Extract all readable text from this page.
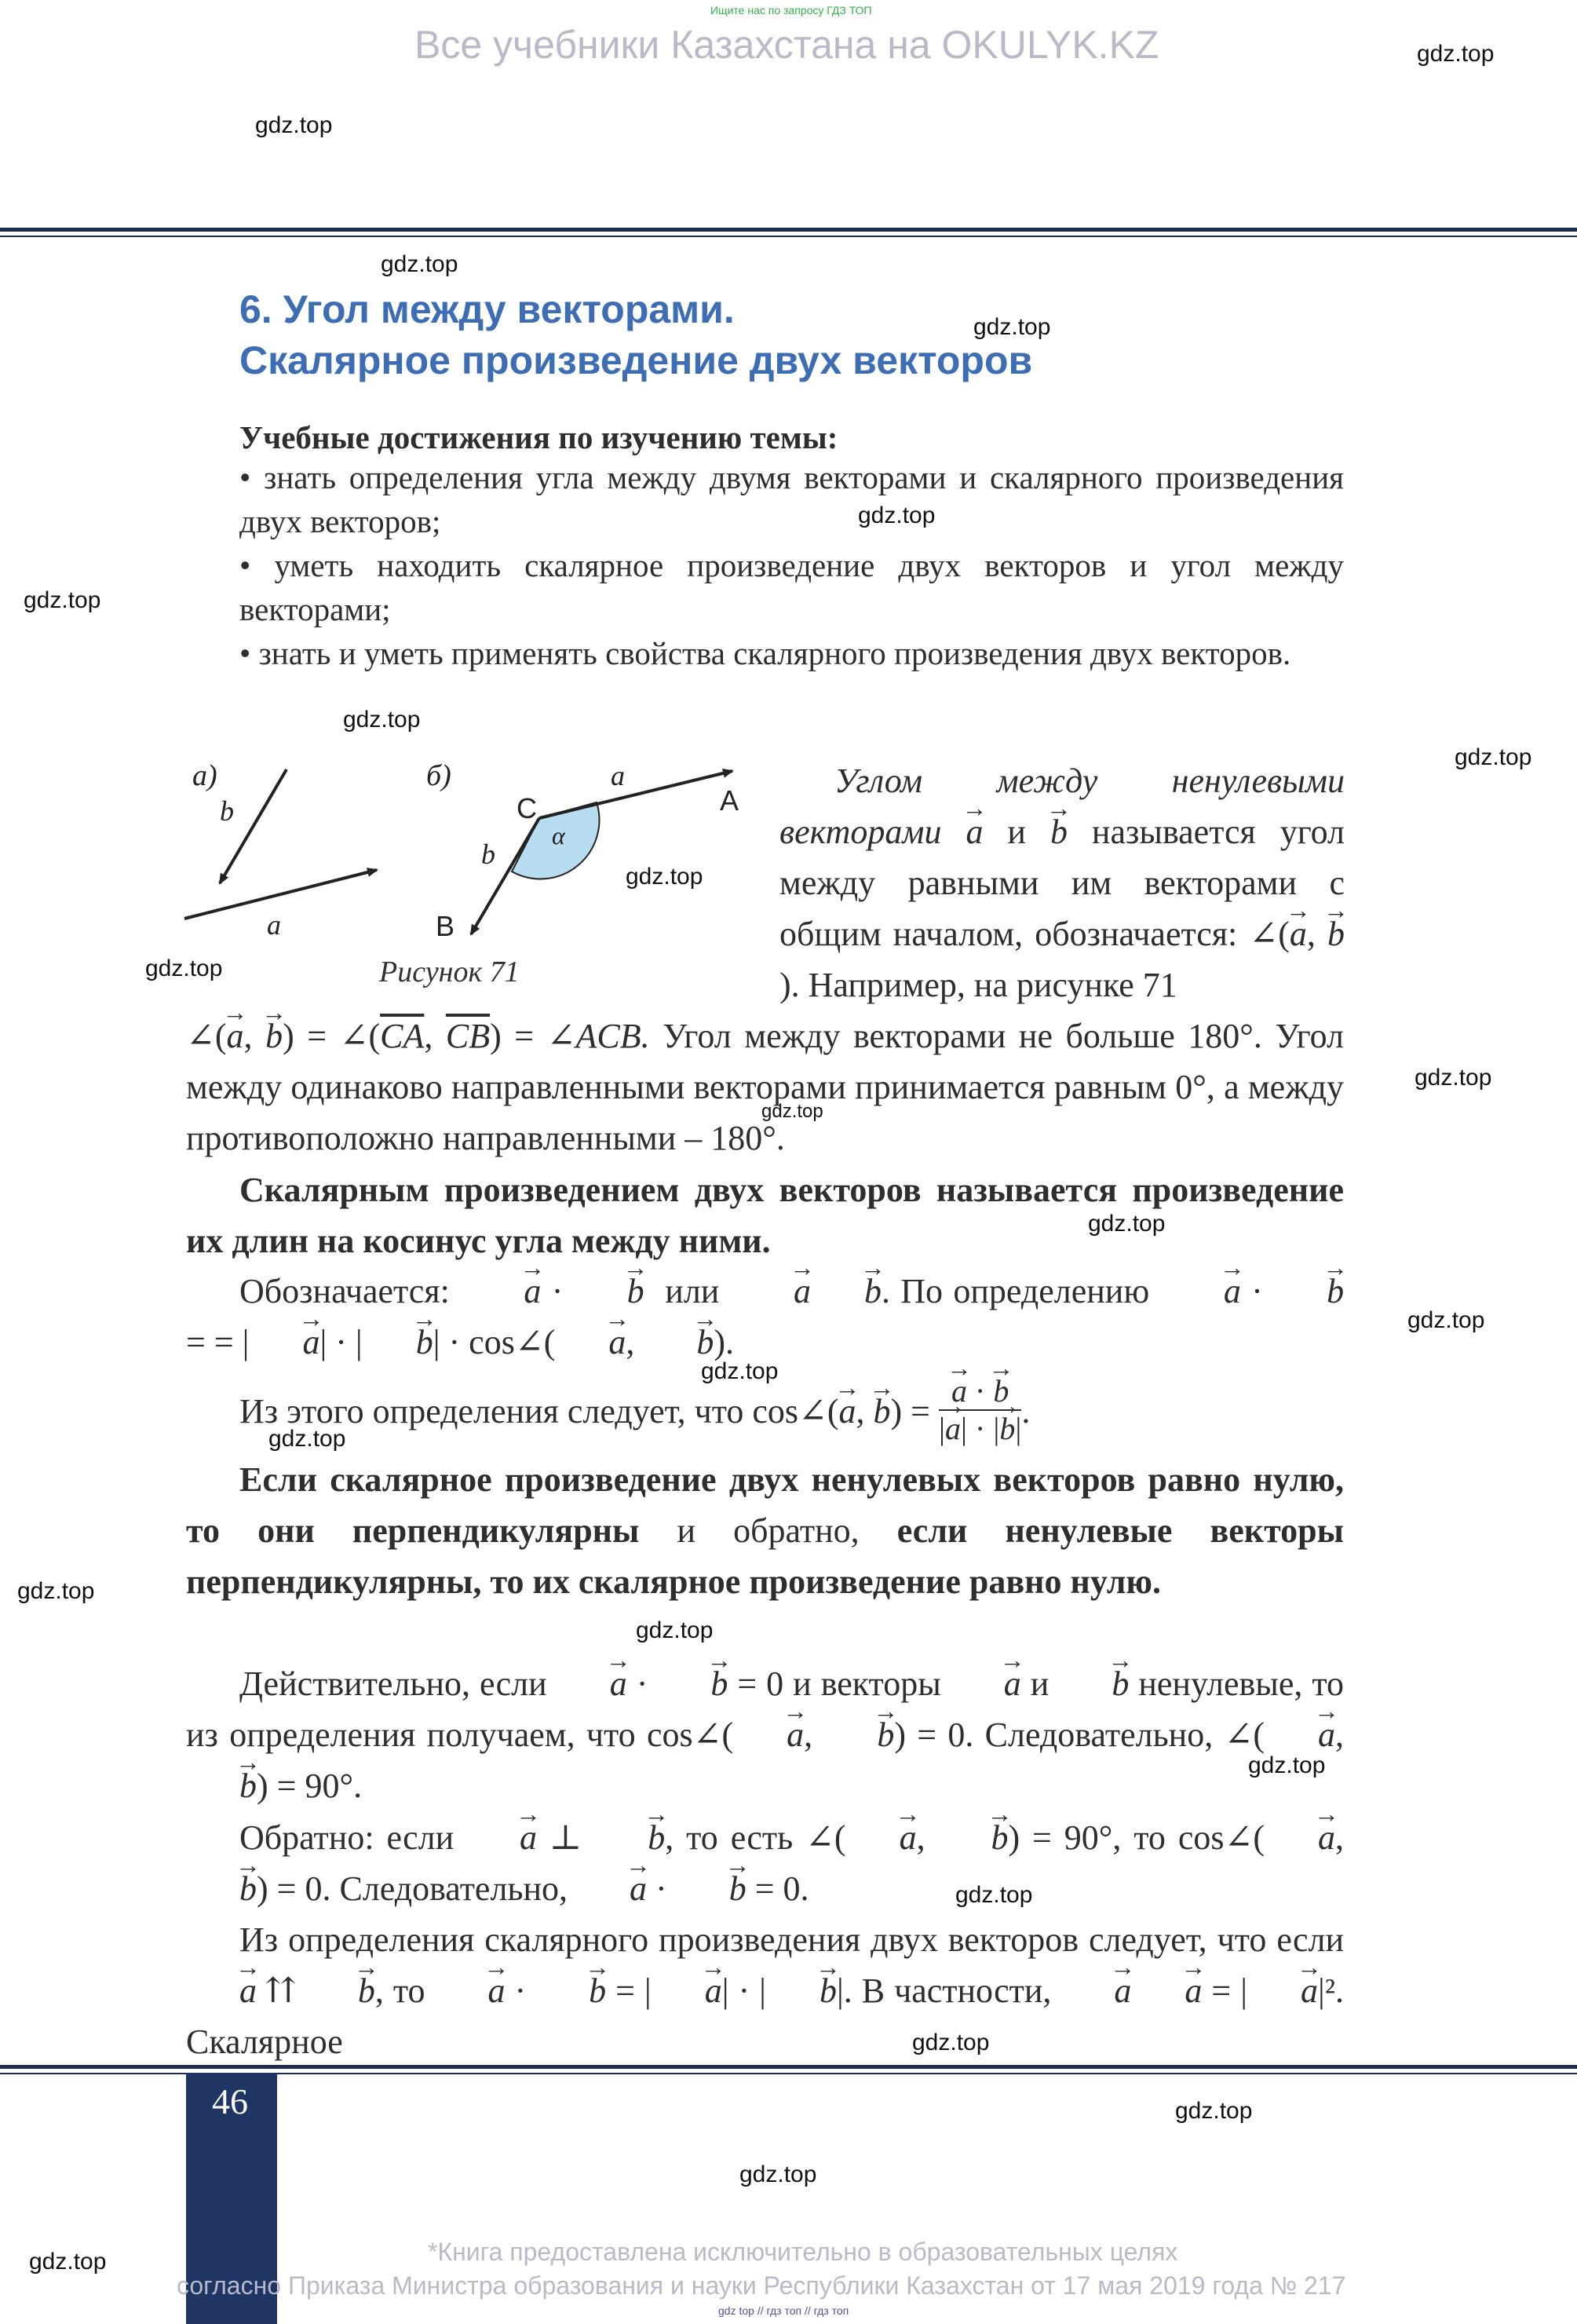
Ищите нас по запросу ГДЗ ТОП
Все учебники Казахстана на OKULYK.KZ	gdz.top
gdz.top
gdz.top
gdz.top
gdz.top
gdz.top
gdz.top
gdz.top
gdz.top
gdz.top
gdz.top
gdz.top
gdz.top
gdz.top
gdz.top
gdz.top
gdz.top
gdz.top
gdz.top
gdz.top
gdz.top
gdz.top
gdz.top
gdz.top
6. Угол между векторами.
Скалярное произведение двух векторов
Учебные достижения по изучению темы:
• знать определения угла между двумя векторами и скалярного произведения двух векторов;
• уметь находить скалярное произведение двух векторов и угол между векторами;
• знать и уметь применять свойства скалярного произведения двух векторов.
а)
b
a
б)
α
C	A
B
a
b
Рисунок 71
Углом между ненулевыми векторами → a и → b называется угол между равными им векторами с общим началом, обозначается: ∠(→ a, → b). Например, на рисунке 71
∠(→ a, → $b) = \angle(\overline{CA}$, $\overline{CB}$) = ∠ACB. Угол между векторами не больше 180°. Угол между одинаково направленными векторами принимается равным 0°, а между противоположно направленными – 180°.
Скалярным произведением двух векторов называется произведение их длин на косинус угла между ними.
Обозначается: → a · → b или → a → b. По определению → a · → b = = | → a| · | → b| · cos∠( → a, → b).
Из этого определения следует, что cos∠(→ a, → b) = → $\frac{a \cdot \to b}{|\to a| \cdot |\to b|}$ .
Если скалярное произведение двух ненулевых векторов равно нулю, то они перпендикулярны и обратно, если ненулевые векторы перпендикулярны, то их скалярное произведение равно нулю.
Действительно, если → a · → b = 0 и векторы → a и → b ненулевые, то из определения получаем, что cos∠( → a, → b) = 0. Следовательно, ∠( → a, → b) = 90°.
Обратно: если → a ⊥ → b, то есть ∠( → a, → b) = 90°, то cos∠( → a, → b) = 0. Следовательно, → a · → b = 0.
Из определения скалярного произведения двух векторов следует, что если → a ⇈ → b, то → a · → b = | → a| · | → b|. В частности, → a → a = | → a|². Скалярное
46
*Книга предоставлена исключительно в образовательных целях
согласно Приказа Министра образования и науки Республики Казахстан от 17 мая 2019 года № 217
gdz top // гдз топ // гдз топ
